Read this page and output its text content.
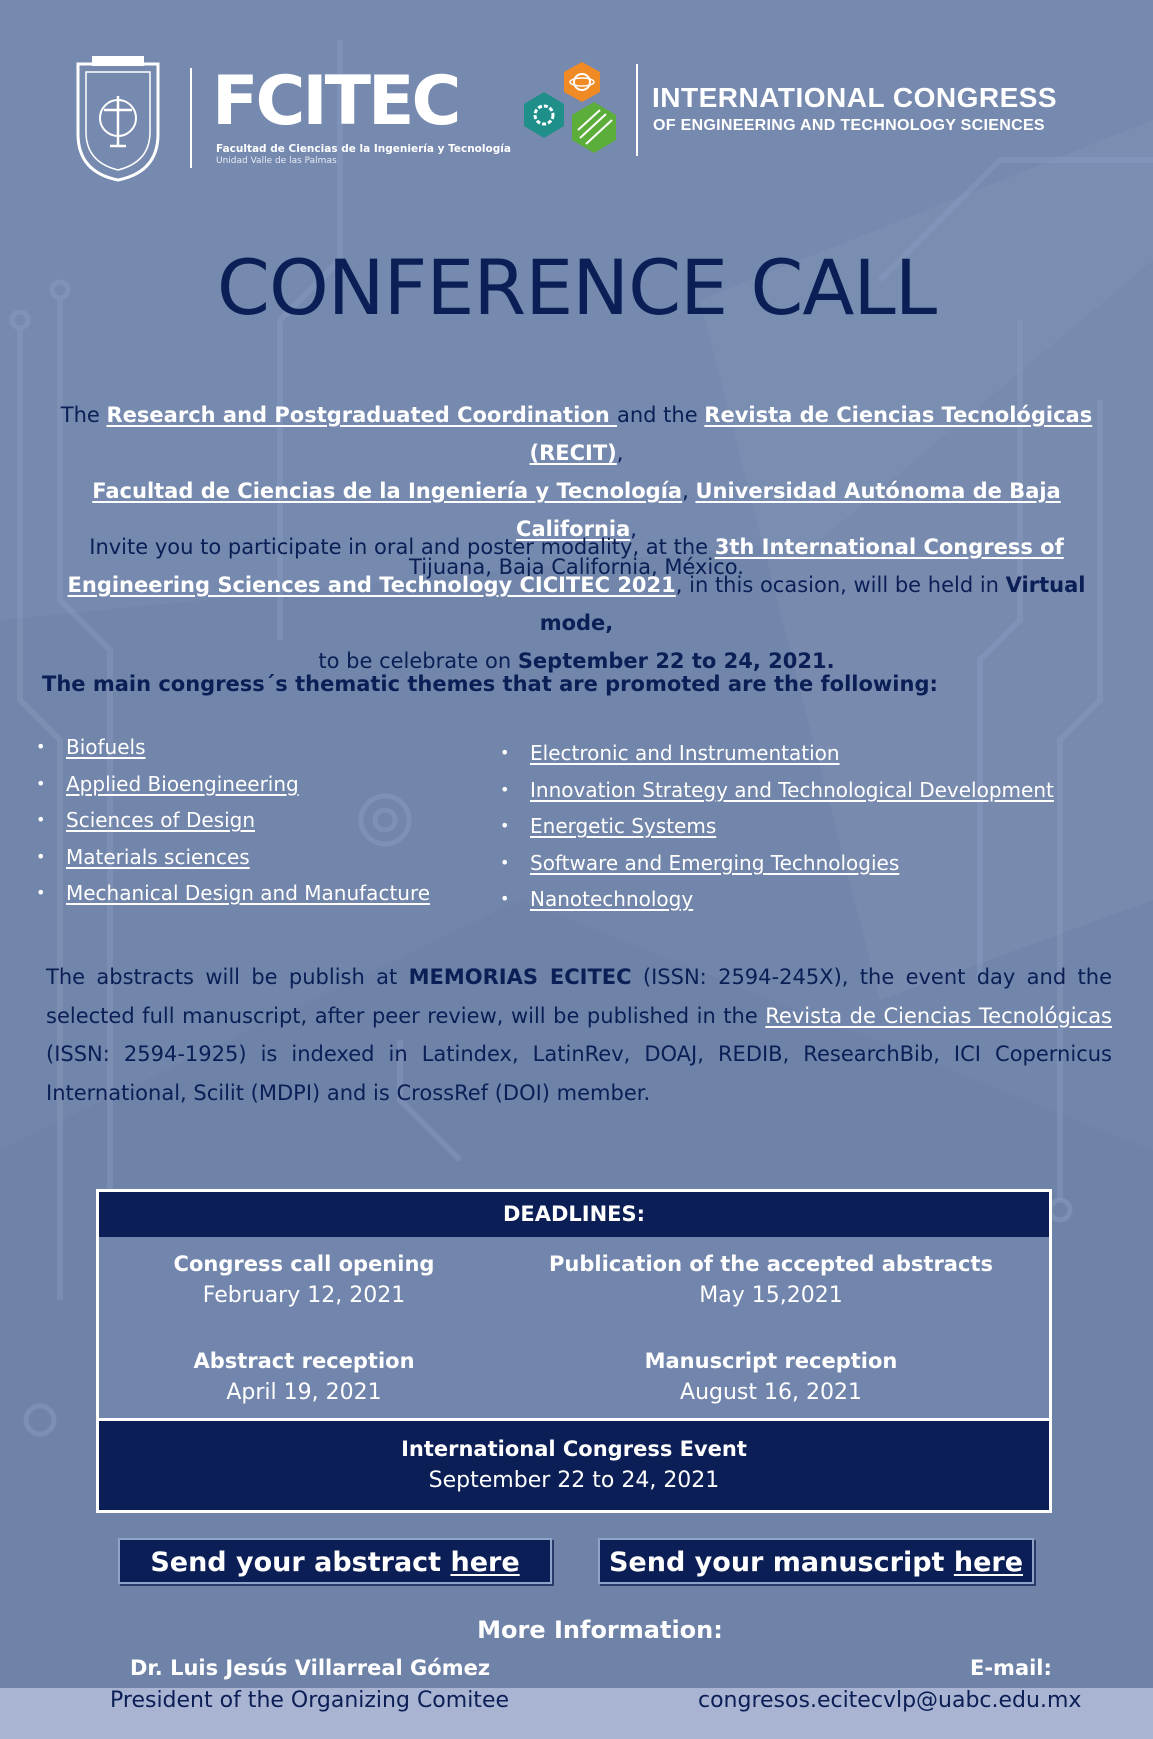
FCITEC
Facultad de Ciencias de la Ingeniería y Tecnología
Unidad Valle de las Palmas
INTERNATIONAL CONGRESS
OF ENGINEERING AND TECHNOLOGY SCIENCES
CONFERENCE CALL
The Research and Postgraduated Coordination and the Revista de Ciencias Tecnológicas (RECIT),
Facultad de Ciencias de la Ingeniería y Tecnología, Universidad Autónoma de Baja California,
Tijuana, Baja California, México.
Invite you to participate in oral and poster modality, at the 3th International Congress of Engineering Sciences and Technology CICITEC 2021, in this ocasion, will be held in Virtual mode,
to be celebrate on September 22 to 24, 2021.
The main congress´s thematic themes that are promoted are the following:
• Biofuels
• Applied Bioengineering
• Sciences of Design
• Materials sciences
• Mechanical Design and Manufacture
• Electronic and Instrumentation
• Innovation Strategy and Technological Development
• Energetic Systems
• Software and Emerging Technologies
• Nanotechnology
The abstracts will be publish at MEMORIAS ECITEC (ISSN: 2594-245X), the event day and the selected full manuscript, after peer review, will be published in the Revista de Ciencias Tecnológicas (ISSN: 2594-1925) is indexed in Latindex, LatinRev, DOAJ, REDIB, ResearchBib, ICI Copernicus International, Scilit (MDPI) and is CrossRef (DOI) member.
DEADLINES:
Congress call opening
February 12, 2021
Publication of the accepted abstracts
May 15,2021
Abstract reception
April 19, 2021
Manuscript reception
August 16, 2021
International Congress Event
September 22 to 24, 2021
Send your abstract here	Send your manuscript here
More Information:
Dr. Luis Jesús Villarreal Gómez
President of the Organizing Comitee
E-mail:
congresos.ecitecvlp@uabc.edu.mx
